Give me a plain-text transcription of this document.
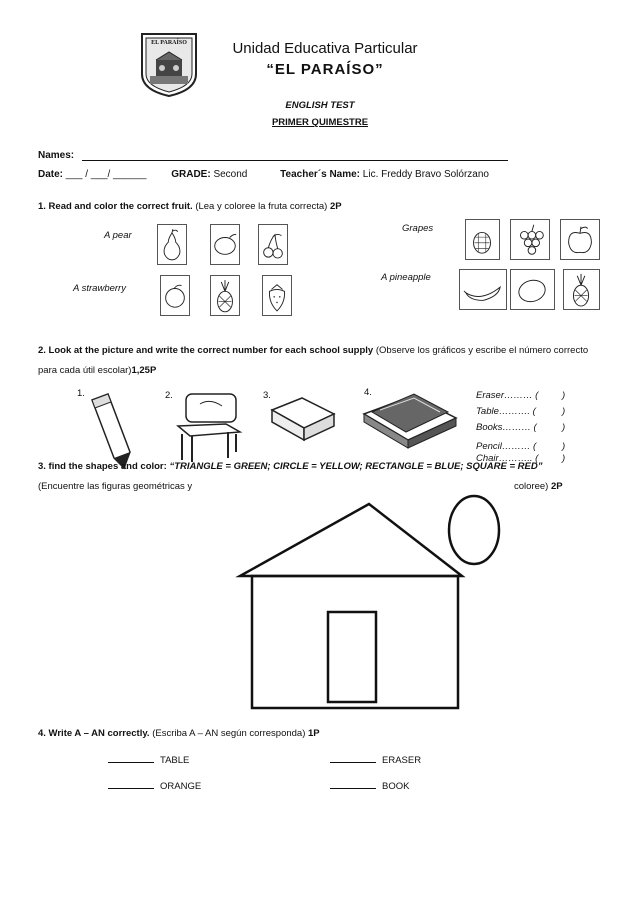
EL PARAÍSO	Unidad Educativa Particular
“EL PARAÍSO”
ENGLISH TEST
PRIMER QUIMESTRE
Names:
Date: ___ / ___/ ______ GRADE: Second	Teacher´s Name: Lic. Freddy Bravo Solórzano
1. Read and color the correct fruit. (Lea y coloree la fruta correcta) 2P
A pear
A strawberry
Grapes
A pineapple
2. Look at the picture and write the correct number for each school supply (Observe los gráficos y escribe el número correcto para cada útil escolar)1,25P
1.	2.	3.	4.	Eraser……… ( )
Table………. (	)
Books……… (	)
Pencil……… (	)
Chair……….. ( )
3. find the shapes and color: “TRIANGLE = GREEN; CIRCLE = YELLOW; RECTANGLE = BLUE; SQUARE = RED”
(Encuentre las figuras geométricas y	coloree) 2P
4. Write A – AN correctly. (Escriba A – AN según corresponda) 1P
TABLE	ERASER
ORANGE	BOOK
